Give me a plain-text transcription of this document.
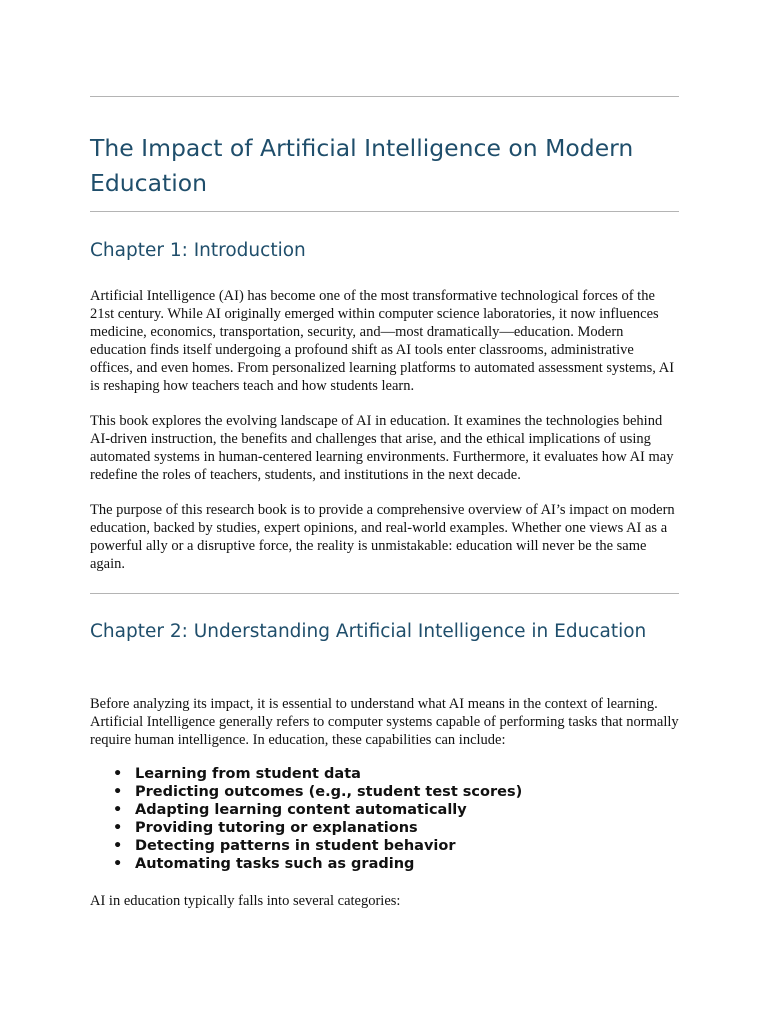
The Impact of Artificial Intelligence on Modern Education
Chapter 1: Introduction

Artificial Intelligence (AI) has become one of the most transformative technological forces of the 21st century. While AI originally emerged within computer science laboratories, it now influences medicine, economics, transportation, security, and—most dramatically—education. Modern education finds itself undergoing a profound shift as AI tools enter classrooms, administrative offices, and even homes. From personalized learning platforms to automated assessment systems, AI is reshaping how teachers teach and how students learn.

This book explores the evolving landscape of AI in education. It examines the technologies behind AI-driven instruction, the benefits and challenges that arise, and the ethical implications of using automated systems in human-centered learning environments. Furthermore, it evaluates how AI may redefine the roles of teachers, students, and institutions in the next decade.

The purpose of this research book is to provide a comprehensive overview of AI’s impact on modern education, backed by studies, expert opinions, and real-world examples. Whether one views AI as a powerful ally or a disruptive force, the reality is unmistakable: education will never be the same again.

Chapter 2: Understanding Artificial Intelligence in Education

Before analyzing its impact, it is essential to understand what AI means in the context of learning. Artificial Intelligence generally refers to computer systems capable of performing tasks that normally require human intelligence. In education, these capabilities can include:

• Learning from student data
• Predicting outcomes (e.g., student test scores)
• Adapting learning content automatically
• Providing tutoring or explanations
• Detecting patterns in student behavior
• Automating tasks such as grading

AI in education typically falls into several categories:
